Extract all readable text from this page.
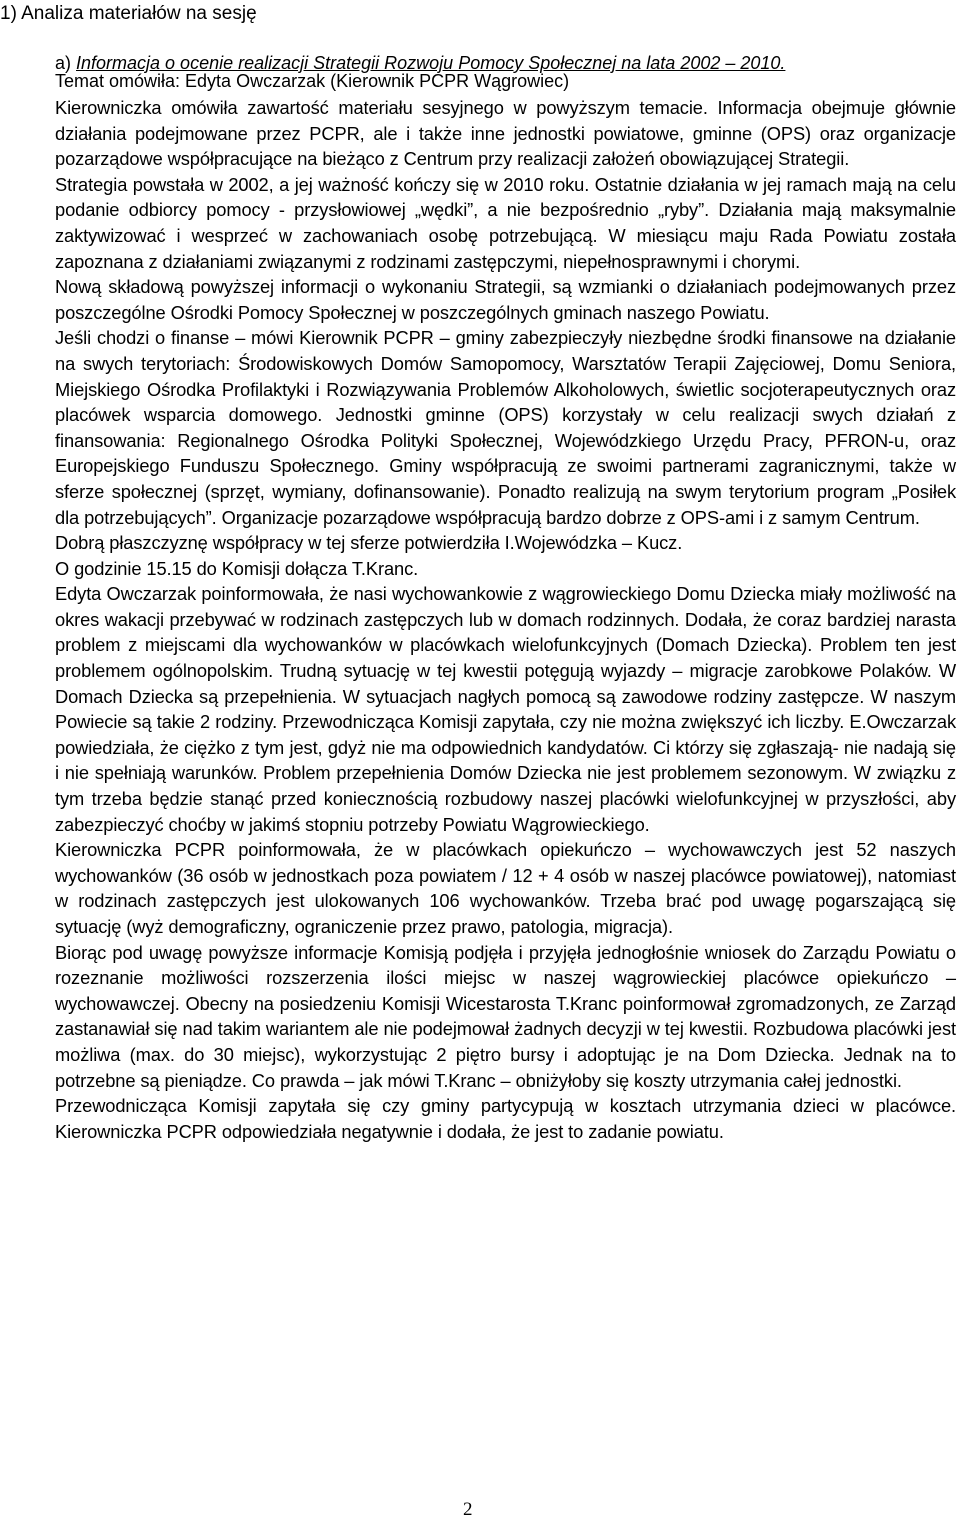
1) Analiza materiałów na sesję
a) Informacja o ocenie realizacji Strategii Rozwoju Pomocy Społecznej na lata 2002 – 2010.
Temat omówiła: Edyta Owczarzak (Kierownik PCPR Wągrowiec)

Kierowniczka omówiła zawartość materiału sesyjnego w powyższym temacie. Informacja obejmuje głównie działania podejmowane przez PCPR, ale i także inne jednostki powiatowe, gminne (OPS) oraz organizacje pozarządowe współpracujące na bieżąco z Centrum przy realizacji założeń obowiązującej Strategii.

Strategia powstała w 2002, a jej ważność kończy się w 2010 roku. Ostatnie działania w jej ramach mają na celu podanie odbiorcy pomocy - przysłowiowej „wędki”, a nie bezpośrednio „ryby”. Działania mają maksymalnie zaktywizować i wesprzeć w zachowaniach osobę potrzebującą. W miesiącu maju Rada Powiatu została zapoznana z działaniami związanymi z rodzinami zastępczymi, niepełnosprawnymi i chorymi.

Nową składową powyższej informacji o wykonaniu Strategii, są wzmianki o działaniach podejmowanych przez poszczególne Ośrodki Pomocy Społecznej w poszczególnych gminach naszego Powiatu.

Jeśli chodzi o finanse – mówi Kierownik PCPR – gminy zabezpieczyły niezbędne środki finansowe na działanie na swych terytoriach: Środowiskowych Domów Samopomocy, Warsztatów Terapii Zajęciowej, Domu Seniora, Miejskiego Ośrodka Profilaktyki i Rozwiązywania Problemów Alkoholowych, świetlic socjoterapeutycznych oraz placówek wsparcia domowego. Jednostki gminne (OPS) korzystały w celu realizacji swych działań z finansowania: Regionalnego Ośrodka Polityki Społecznej, Wojewódzkiego Urzędu Pracy, PFRON-u, oraz Europejskiego Funduszu Społecznego. Gminy współpracują ze swoimi partnerami zagranicznymi, także w sferze społecznej (sprzęt, wymiany, dofinansowanie). Ponadto realizują na swym terytorium program „Posiłek dla potrzebujących”. Organizacje pozarządowe współpracują bardzo dobrze z OPS-ami i z samym Centrum.

Dobrą płaszczyznę współpracy w tej sferze potwierdziła I.Wojewódzka – Kucz.

O godzinie 15.15 do Komisji dołącza T.Kranc.

Edyta Owczarzak poinformowała, że nasi wychowankowie z wągrowieckiego Domu Dziecka miały możliwość na okres wakacji przebywać w rodzinach zastępczych lub w domach rodzinnych. Dodała, że coraz bardziej narasta problem z miejscami dla wychowanków w placówkach wielofunkcyjnych (Domach Dziecka). Problem ten jest problemem ogólnopolskim. Trudną sytuację w tej kwestii potęgują wyjazdy – migracje zarobkowe Polaków. W Domach Dziecka są przepełnienia. W sytuacjach nagłych pomocą są zawodowe rodziny zastępcze. W naszym Powiecie są takie 2 rodziny. Przewodnicząca Komisji zapytała, czy nie można zwiększyć ich liczby. E.Owczarzak powiedziała, że ciężko z tym jest, gdyż nie ma odpowiednich kandydatów. Ci którzy się zgłaszają- nie nadają się i nie spełniają warunków. Problem przepełnienia Domów Dziecka nie jest problemem sezonowym. W związku z tym trzeba będzie stanąć przed koniecznością rozbudowy naszej placówki wielofunkcyjnej w przyszłości, aby zabezpieczyć choćby w jakimś stopniu potrzeby Powiatu Wągrowieckiego.

Kierowniczka PCPR poinformowała, że w placówkach opiekuńczo – wychowawczych jest 52 naszych wychowanków (36 osób w jednostkach poza powiatem / 12 + 4 osób w naszej placówce powiatowej), natomiast w rodzinach zastępczych jest ulokowanych 106 wychowanków. Trzeba brać pod uwagę pogarszającą się sytuację (wyż demograficzny, ograniczenie przez prawo, patologia, migracja).

Biorąc pod uwagę powyższe informacje Komisją podjęła i przyjęła jednogłośnie wniosek do Zarządu Powiatu o rozeznanie możliwości rozszerzenia ilości miejsc w naszej wągrowieckiej placówce opiekuńczo – wychowawczej. Obecny na posiedzeniu Komisji Wicestarosta T.Kranc poinformował zgromadzonych, ze Zarząd zastanawiał się nad takim wariantem ale nie podejmował żadnych decyzji w tej kwestii. Rozbudowa placówki jest możliwa (max. do 30 miejsc), wykorzystując 2 piętro bursy i adoptując je na Dom Dziecka. Jednak na to potrzebne są pieniądze. Co prawda – jak mówi T.Kranc – obniżyłoby się koszty utrzymania całej jednostki.

Przewodnicząca Komisji zapytała się czy gminy partycypują w kosztach utrzymania dzieci w placówce. Kierowniczka PCPR odpowiedziała negatywnie i dodała, że jest to zadanie powiatu.

2
